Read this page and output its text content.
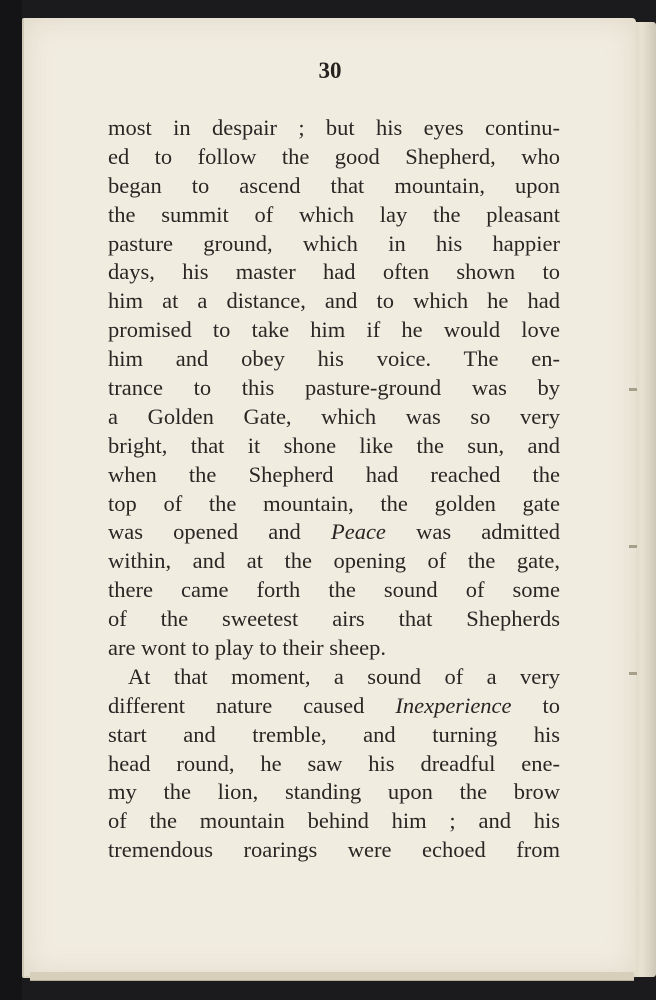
30
most in despair ; but his eyes continu-
ed to follow the good Shepherd, who
began to ascend that mountain, upon
the summit of which lay the pleasant
pasture ground, which in his happier
days, his master had often shown to
him at a distance, and to which he had
promised to take him if he would love
him and obey his voice. The en-
trance to this pasture-ground was by
a Golden Gate, which was so very
bright, that it shone like the sun, and
when the Shepherd had reached the
top of the mountain, the golden gate
was opened and Peace was admitted
within, and at the opening of the gate,
there came forth the sound of some
of the sweetest airs that Shepherds
are wont to play to their sheep.
At that moment, a sound of a very
different nature caused Inexperience to
start and tremble, and turning his
head round, he saw his dreadful ene-
my the lion, standing upon the brow
of the mountain behind him ; and his
tremendous roarings were echoed from
